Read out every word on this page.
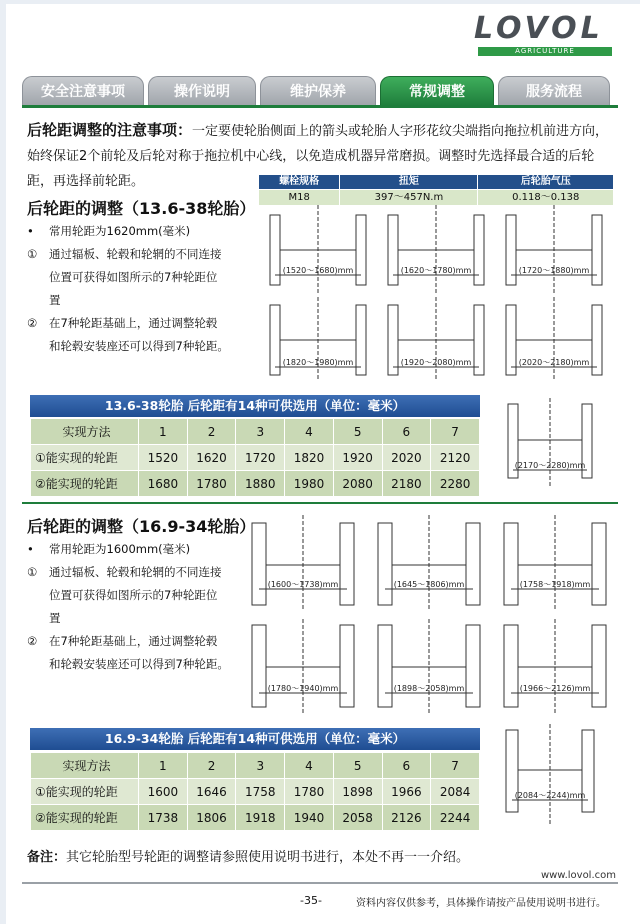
LOVOL
AGRICULTURE
安全注意事项	操作说明	维护保养	常规调整	服务流程
后轮距调整的注意事项：一定要使轮胎侧面上的箭头或轮胎人字形花纹尖端指向拖拉机前进方向，始终保证2个前轮及后轮对称于拖拉机中心线，以免造成机器异常磨损。调整时先选择最合适的后轮距，再选择前轮距。	螺栓规格	扭矩	后轮胎气压
M18	397～457N.m	0.118～0.138
后轮距的调整（13.6-38轮胎）
•	常用轮距为1620mm(毫米)
①	通过辐板、轮毂和轮辋的不同连接
位置可获得如图所示的7种轮距位
置
②	在7种轮距基础上，通过调整轮毂
和轮毂安装座还可以得到7种轮距。
(1520～1680)mm	(1620～1780)mm	(1720～1880)mm
(1820～1980)mm	(1920～2080)mm	(2020～2180)mm
13.6-38轮胎 后轮距有14种可供选用（单位：毫米）
实现方法	1	2	3	4	5	6	7
①能实现的轮距	1520	1620	1720	1820	1920	2020	2120
②能实现的轮距	1680	1780	1880	1980	2080	2180	2280
(2170～2280)mm
后轮距的调整（16.9-34轮胎）
•	常用轮距为1600mm(毫米)
①	通过辐板、轮毂和轮辋的不同连接
位置可获得如图所示的7种轮距位
置
②	在7种轮距基础上，通过调整轮毂
和轮毂安装座还可以得到7种轮距。
(1600～1738)mm	(1645～1806)mm	(1758～1918)mm
(1780～1940)mm	(1898～2058)mm	(1966～2126)mm
16.9-34轮胎 后轮距有14种可供选用（单位：毫米）
实现方法	1	2	3	4	5	6	7
①能实现的轮距	1600	1646	1758	1780	1898	1966	2084
②能实现的轮距	1738	1806	1918	1940	2058	2126	2244
(2084～2244)mm
备注：其它轮胎型号轮距的调整请参照使用说明书进行，本处不再一一介绍。
www.lovol.com
-35-	资料内容仅供参考，具体操作请按产品使用说明书进行。
